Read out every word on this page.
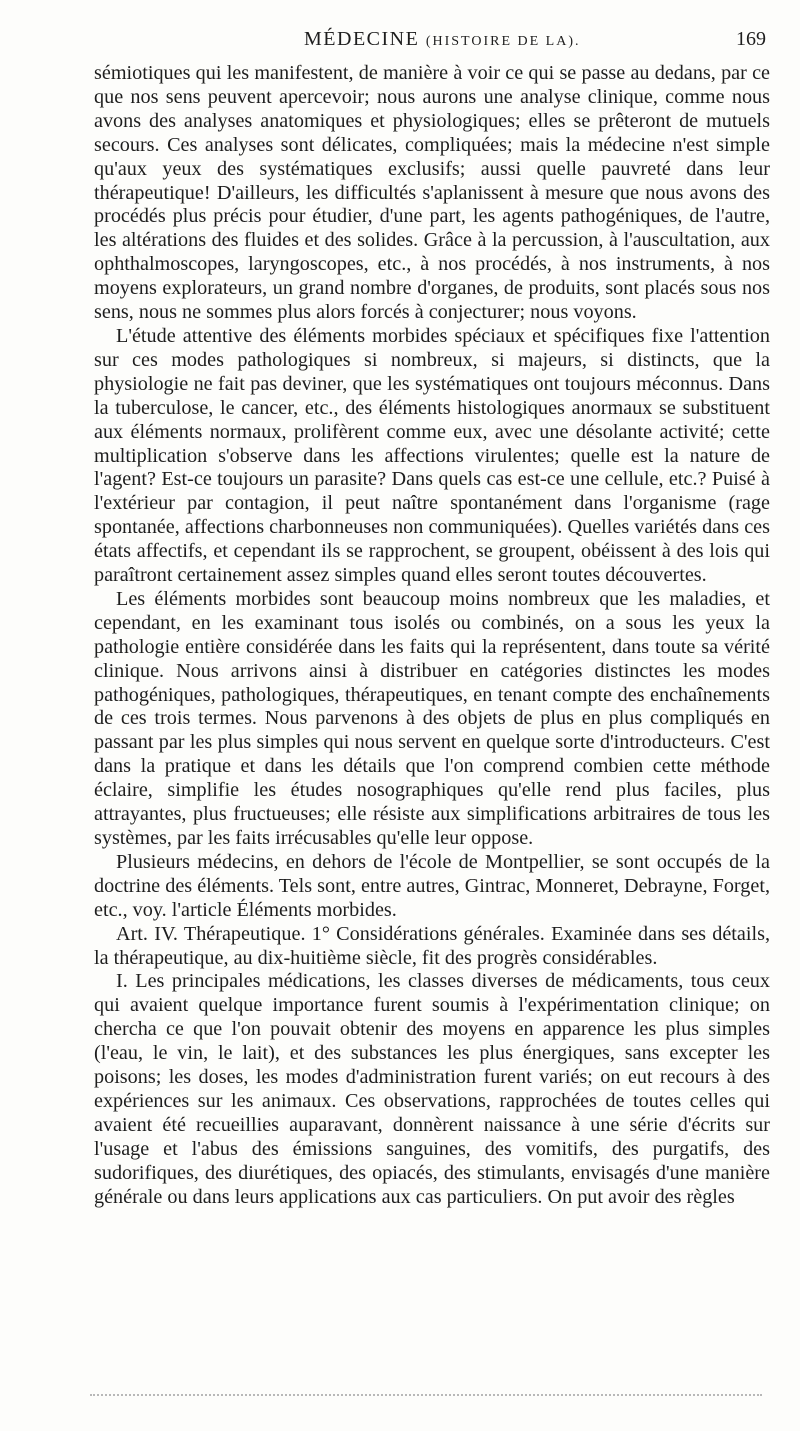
MÉDECINE (HISTOIRE DE LA).	169

sémiotiques qui les manifestent, de manière à voir ce qui se passe au dedans, par ce que nos sens peuvent apercevoir; nous aurons une analyse clinique, comme nous avons des analyses anatomiques et physiologiques; elles se prêteront de mutuels secours. Ces analyses sont délicates, compliquées; mais la médecine n'est simple qu'aux yeux des systématiques exclusifs; aussi quelle pauvreté dans leur thérapeutique! D'ailleurs, les difficultés s'aplanissent à mesure que nous avons des procédés plus précis pour étudier, d'une part, les agents pathogéniques, de l'autre, les altérations des fluides et des solides. Grâce à la percussion, à l'auscultation, aux ophthalmoscopes, laryngoscopes, etc., à nos procédés, à nos instruments, à nos moyens explorateurs, un grand nombre d'organes, de produits, sont placés sous nos sens, nous ne sommes plus alors forcés à conjecturer; nous voyons.

L'étude attentive des éléments morbides spéciaux et spécifiques fixe l'attention sur ces modes pathologiques si nombreux, si majeurs, si distincts, que la physiologie ne fait pas deviner, que les systématiques ont toujours méconnus. Dans la tuberculose, le cancer, etc., des éléments histologiques anormaux se substituent aux éléments normaux, prolifèrent comme eux, avec une désolante activité; cette multiplication s'observe dans les affections virulentes; quelle est la nature de l'agent? Est-ce toujours un parasite? Dans quels cas est-ce une cellule, etc.? Puisé à l'extérieur par contagion, il peut naître spontanément dans l'organisme (rage spontanée, affections charbonneuses non communiquées). Quelles variétés dans ces états affectifs, et cependant ils se rapprochent, se groupent, obéissent à des lois qui paraîtront certainement assez simples quand elles seront toutes découvertes.

Les éléments morbides sont beaucoup moins nombreux que les maladies, et cependant, en les examinant tous isolés ou combinés, on a sous les yeux la pathologie entière considérée dans les faits qui la représentent, dans toute sa vérité clinique. Nous arrivons ainsi à distribuer en catégories distinctes les modes pathogéniques, pathologiques, thérapeutiques, en tenant compte des enchaînements de ces trois termes. Nous parvenons à des objets de plus en plus compliqués en passant par les plus simples qui nous servent en quelque sorte d'introducteurs. C'est dans la pratique et dans les détails que l'on comprend combien cette méthode éclaire, simplifie les études nosographiques qu'elle rend plus faciles, plus attrayantes, plus fructueuses; elle résiste aux simplifications arbitraires de tous les systèmes, par les faits irrécusables qu'elle leur oppose.

Plusieurs médecins, en dehors de l'école de Montpellier, se sont occupés de la doctrine des éléments. Tels sont, entre autres, Gintrac, Monneret, Debrayne, Forget, etc., voy. l'article Éléments morbides.

Art. IV. Thérapeutique. 1° Considérations générales. Examinée dans ses détails, la thérapeutique, au dix-huitième siècle, fit des progrès considérables.

I. Les principales médications, les classes diverses de médicaments, tous ceux qui avaient quelque importance furent soumis à l'expérimentation clinique; on chercha ce que l'on pouvait obtenir des moyens en apparence les plus simples (l'eau, le vin, le lait), et des substances les plus énergiques, sans excepter les poisons; les doses, les modes d'administration furent variés; on eut recours à des expériences sur les animaux. Ces observations, rapprochées de toutes celles qui avaient été recueillies auparavant, donnèrent naissance à une série d'écrits sur l'usage et l'abus des émissions sanguines, des vomitifs, des purgatifs, des sudorifiques, des diurétiques, des opiacés, des stimulants, envisagés d'une manière générale ou dans leurs applications aux cas particuliers. On put avoir des règles
